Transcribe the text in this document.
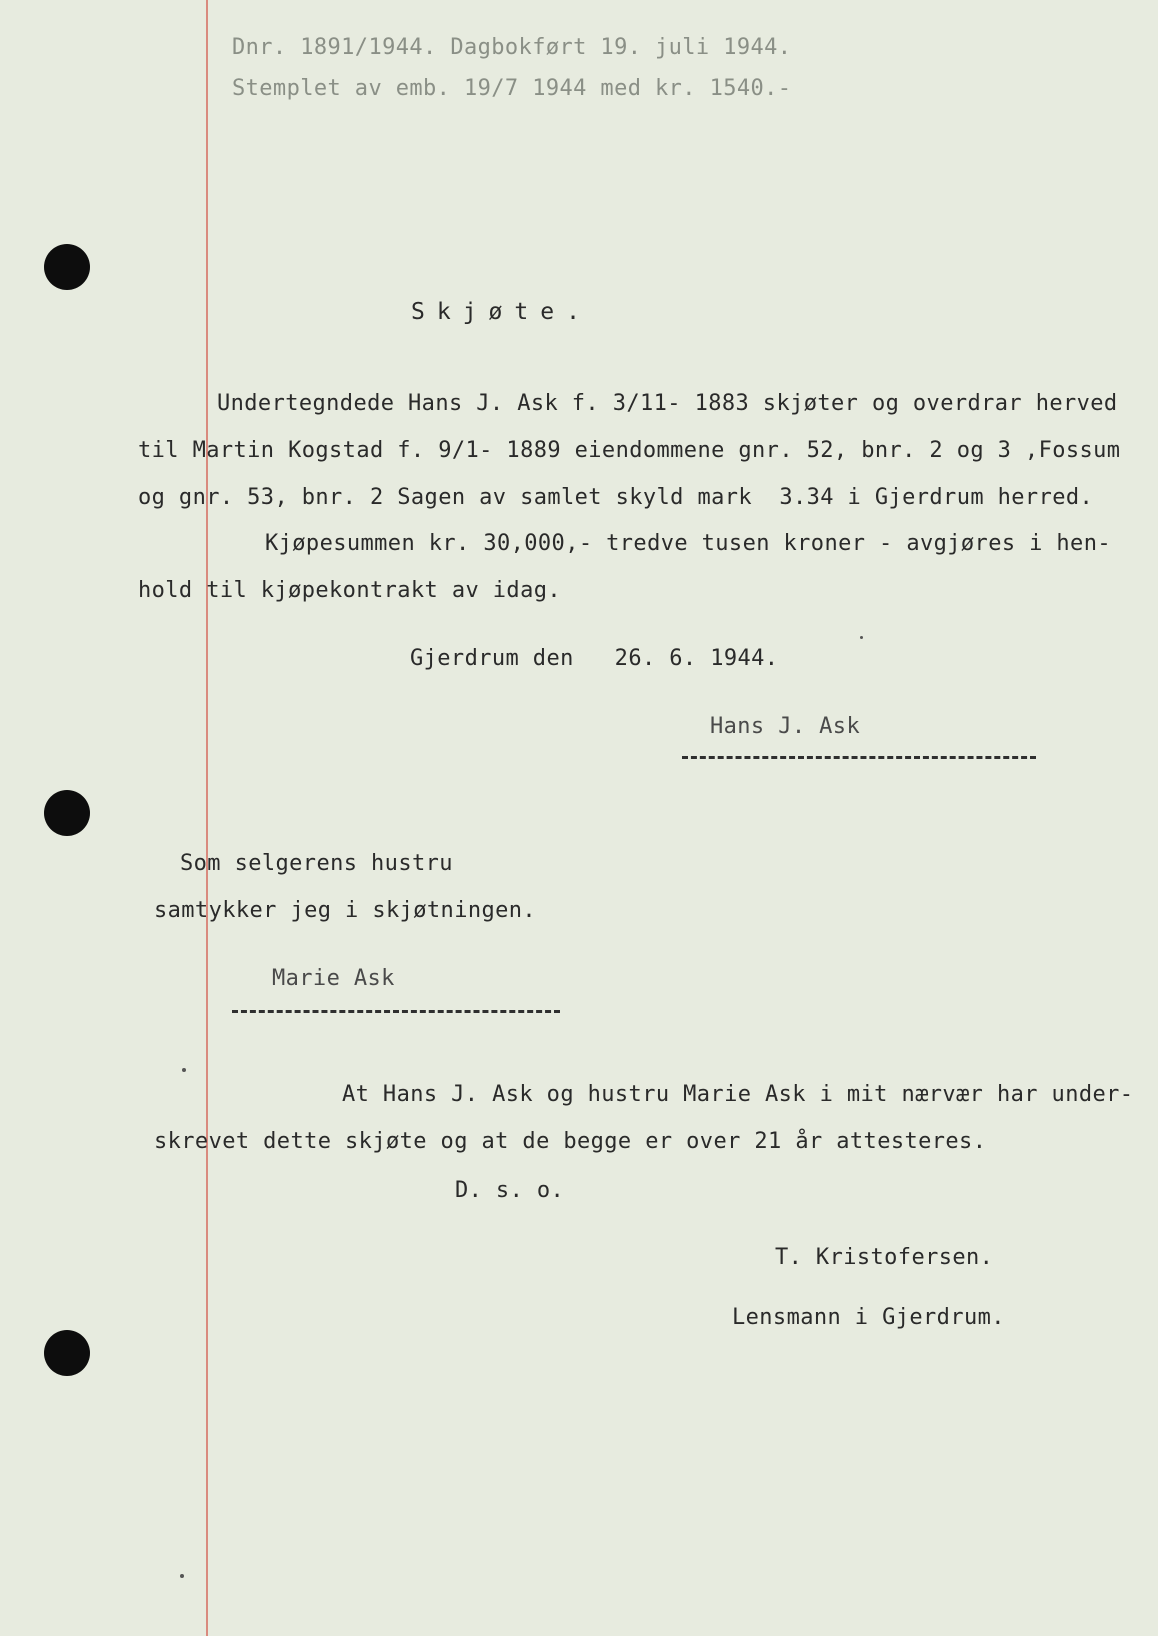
Dnr. 1891/1944. Dagbokført 19. juli 1944.
Stemplet av emb. 19/7 1944 med kr. 1540.-
Skjøte.
Undertegndede Hans J. Ask f. 3/11- 1883 skjøter og overdrar herved
til Martin Kogstad f. 9/1- 1889 eiendommene gnr. 52, bnr. 2 og 3 ,Fossum
og gnr. 53, bnr. 2 Sagen av samlet skyld mark  3.34 i Gjerdrum herred.
Kjøpesummen kr. 30,000,- tredve tusen kroner - avgjøres i hen-
hold til kjøpekontrakt av idag.
Gjerdrum den   26. 6. 1944.
Hans J. Ask
Som selgerens hustru
samtykker jeg i skjøtningen.
Marie Ask
At Hans J. Ask og hustru Marie Ask i mit nærvær har under-
skrevet dette skjøte og at de begge er over 21 år attesteres.
D. s. o.
T. Kristofersen.
Lensmann i Gjerdrum.
